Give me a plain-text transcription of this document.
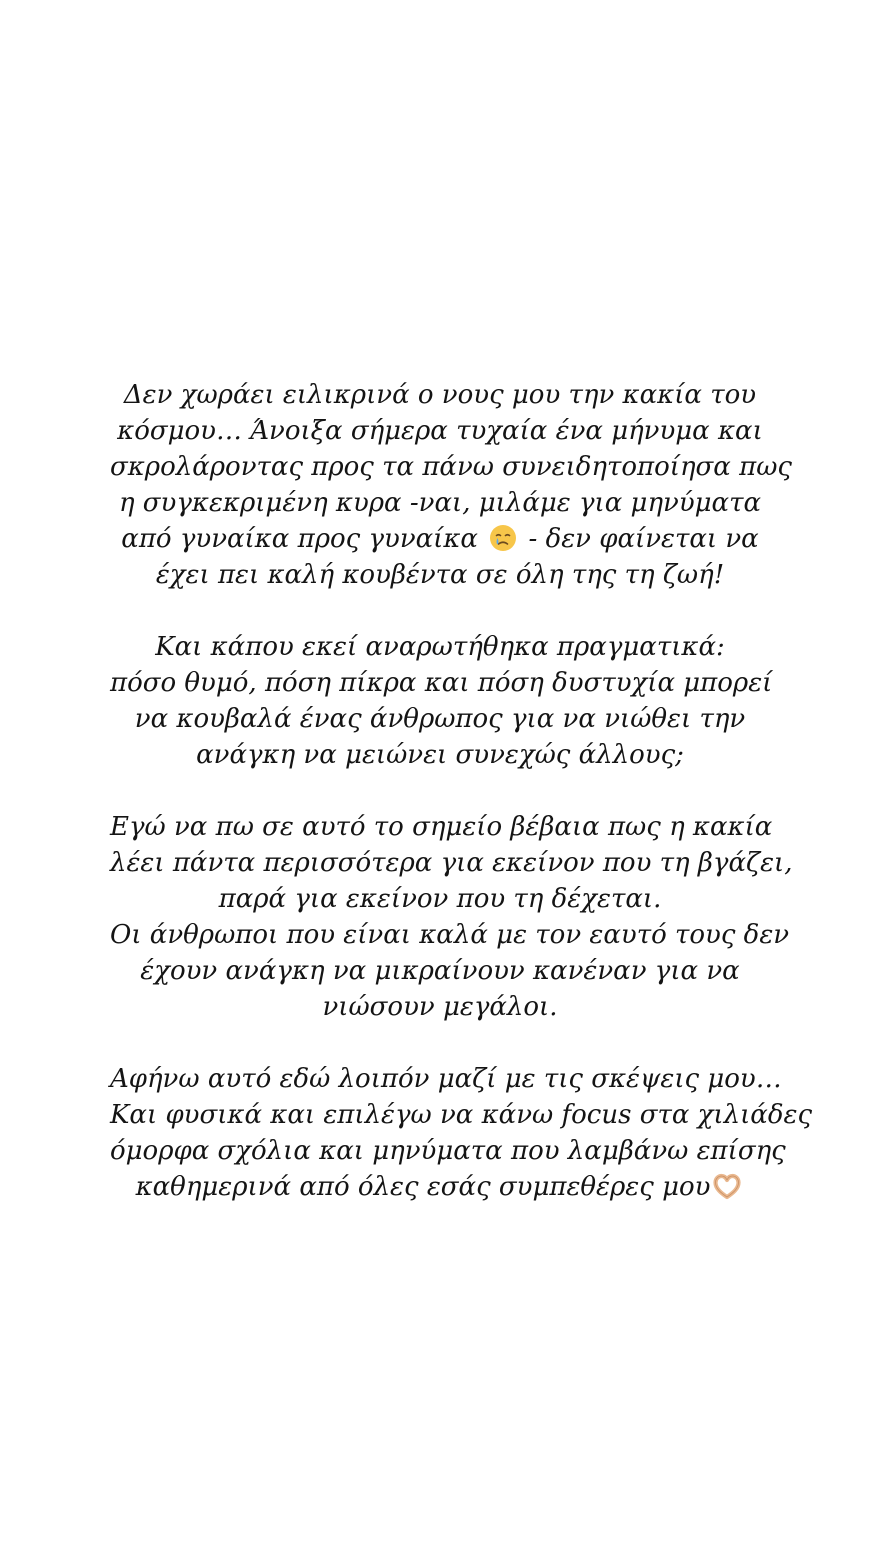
Δεν χωράει ειλικρινά ο νους μου την κακία του
κόσμου… Άνοιξα σήμερα τυχαία ένα μήνυμα και
σκρολάροντας προς τα πάνω συνειδητοποίησα πως
η συγκεκριμένη κυρα -ναι, μιλάμε για μηνύματα
από γυναίκα προς γυναίκα
- δεν φαίνεται να
έχει πει καλή κουβέντα σε όλη της τη ζωή!

Και κάπου εκεί αναρωτήθηκα πραγματικά:
πόσο θυμό, πόση πίκρα και πόση δυστυχία μπορεί
να κουβαλά ένας άνθρωπος για να νιώθει την
ανάγκη να μειώνει συνεχώς άλλους;

Εγώ να πω σε αυτό το σημείο βέβαια πως η κακία
λέει πάντα περισσότερα για εκείνον που τη βγάζει,
παρά για εκείνον που τη δέχεται.
Οι άνθρωποι που είναι καλά με τον εαυτό τους δεν
έχουν ανάγκη να μικραίνουν κανέναν για να
νιώσουν μεγάλοι.

Αφήνω αυτό εδώ λοιπόν μαζί με τις σκέψεις μου…
Και φυσικά και επιλέγω να κάνω focus στα χιλιάδες
όμορφα σχόλια και μηνύματα που λαμβάνω επίσης
καθημερινά από όλες εσάς συμπεθέρες μου
